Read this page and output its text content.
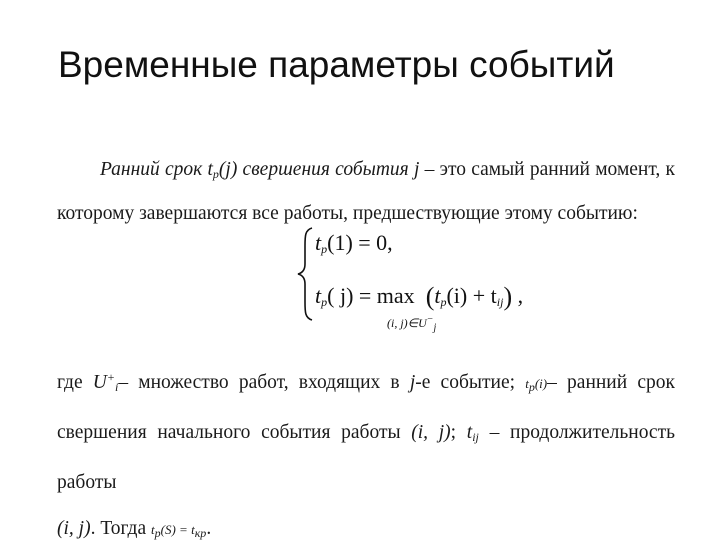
Временные параметры событий
Ранний срок $t_р(j)$ свершения события j – это самый ранний момент, к
которому завершаются все работы, предшествующие этому событию:
$t_p(1) = 0$,
$t_p$( $j) = \max (t_p(i) + t_{ij})$ ,
(i, $j)\in U^-_j$
где $U^+_i-$ множество работ, входящих в j-е событие; $t_p(i)-$ ранний срок
свершения начального события работы (i, j); $t_{ij}$ – продолжительность работы
(i, j). Тогда $t_p(S) = t_{кр}$.
